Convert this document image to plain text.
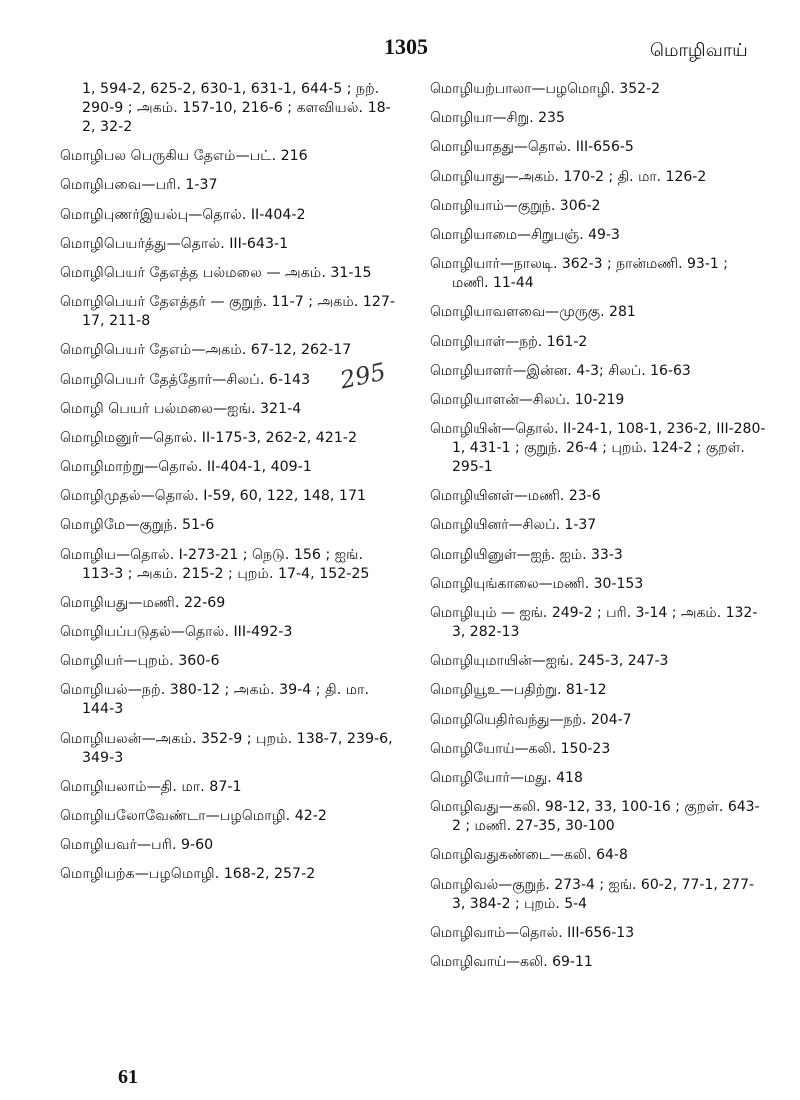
1305	மொழிவாய்
1, 594-2, 625-2, 630-1, 631-1, 644-5 ; நற். 290-9 ; அகம். 157-10, 216-6 ; களவியல். 18-2, 32-2
மொழிபல பெருகிய தேஎம்—பட். 216
மொழிபவை—பரி. 1-37
மொழிபுணர்இயல்பு—தொல். II-404-2
மொழிபெயர்த்து—தொல். III-643-1
மொழிபெயர் தேஎத்த பல்மலை — அகம். 31-15
மொழிபெயர் தேஎத்தர் — குறுந். 11-7 ; அகம். 127-17, 211-8
மொழிபெயர் தேஎம்—அகம். 67-12, 262-17
மொழிபெயர் தேத்தோர்—சிலப். 6-143
மொழி பெயர் பல்மலை—ஐங். 321-4
மொழிமனுர்—தொல். II-175-3, 262-2, 421-2
மொழிமாற்று—தொல். II-404-1, 409-1
மொழிமுதல்—தொல். I-59, 60, 122, 148, 171
மொழிமே—குறுந். 51-6
மொழிய—தொல். I-273-21 ; நெடு. 156 ; ஐங். 113-3 ; அகம். 215-2 ; புறம். 17-4, 152-25
மொழியது—மணி. 22-69
மொழியப்படுதல்—தொல். III-492-3
மொழியர்—புறம். 360-6
மொழியல்—நற். 380-12 ; அகம். 39-4 ; தி. மா. 144-3
மொழியலன்—அகம். 352-9 ; புறம். 138-7, 239-6, 349-3
மொழியலாம்—தி. மா. 87-1
மொழியலோவேண்டா—பழமொழி. 42-2
மொழியவர்—பரி. 9-60
மொழியற்க—பழமொழி. 168-2, 257-2
மொழியற்பாலா—பழமொழி. 352-2
மொழியா—சிறு. 235
மொழியாதது—தொல். III-656-5
மொழியாது—அகம். 170-2 ; தி. மா. 126-2
மொழியாம்—குறுந். 306-2
மொழியாமை—சிறுபஞ். 49-3
மொழியார்—நாலடி. 362-3 ; நான்மணி. 93-1 ; மணி. 11-44
மொழியாவளவை—முருகு. 281
மொழியாள்—நற். 161-2
மொழியாளர்—இன்ன. 4-3; சிலப். 16-63
மொழியாளன்—சிலப். 10-219
மொழியின்—தொல். II-24-1, 108-1, 236-2, III-280-1, 431-1 ; குறுந். 26-4 ; புறம். 124-2 ; குறள். 295-1
மொழியினள்—மணி. 23-6
மொழியினர்—சிலப். 1-37
மொழியினுள்—ஐந். ஐம். 33-3
மொழியுங்காலை—மணி. 30-153
மொழியும் — ஐங். 249-2 ; பரி. 3-14 ; அகம். 132-3, 282-13
மொழியுமாயின்—ஐங். 245-3, 247-3
மொழியூஉ—பதிற்று. 81-12
மொழியெதிர்வந்து—நற். 204-7
மொழியோய்—கலி. 150-23
மொழியோர்—மது. 418
மொழிவது—கலி. 98-12, 33, 100-16 ; குறள். 643-2 ; மணி. 27-35, 30-100
மொழிவதுகண்டை—கலி. 64-8
மொழிவல்—குறுந். 273-4 ; ஐங். 60-2, 77-1, 277-3, 384-2 ; புறம். 5-4
மொழிவாம்—தொல். III-656-13
மொழிவாய்—கலி. 69-11
295
61
